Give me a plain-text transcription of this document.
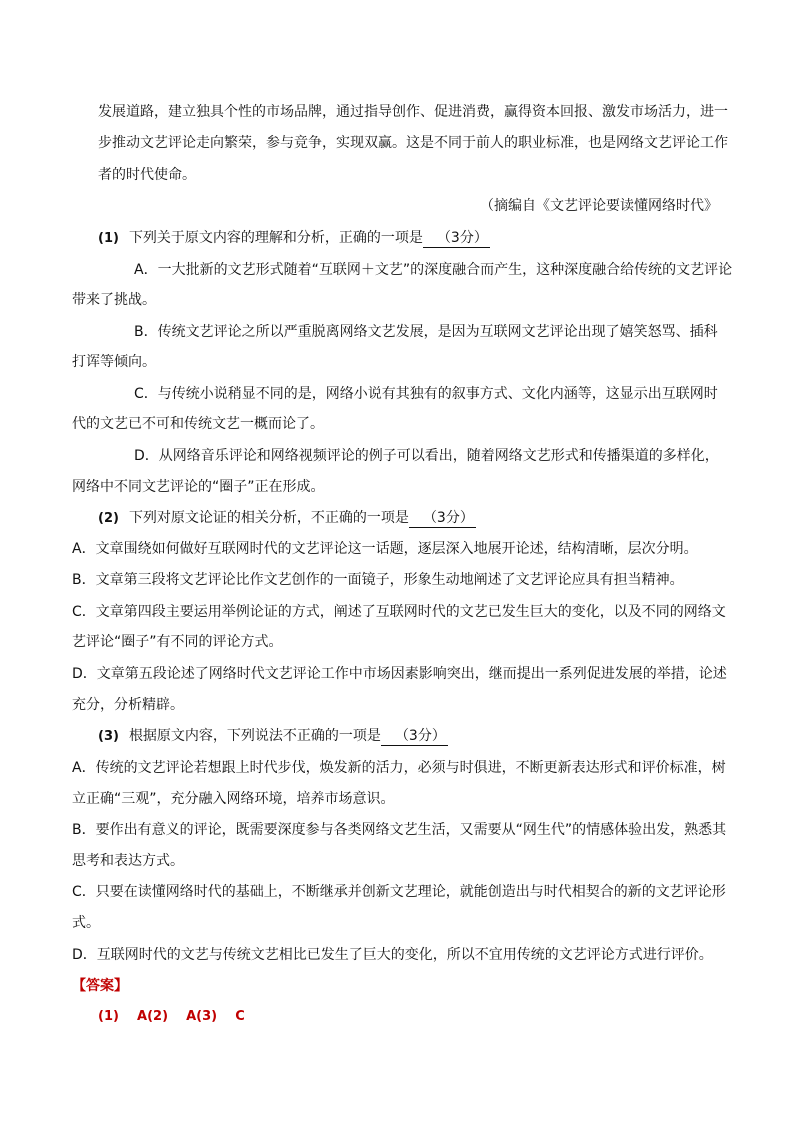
发展道路，建立独具个性的市场品牌，通过指导创作、促进消费，赢得资本回报、激发市场活力，进一
步推动文艺评论走向繁荣，参与竞争，实现双赢。这是不同于前人的职业标准，也是网络文艺评论工作
者的时代使命。
（摘编自《文艺评论要读懂网络时代》
(1) 下列关于原文内容的理解和分析，正确的一项是 （3分）
A．一大批新的文艺形式随着“互联网＋文艺”的深度融合而产生，这种深度融合给传统的文艺评论
带来了挑战。
B．传统文艺评论之所以严重脱离网络文艺发展，是因为互联网文艺评论出现了嬉笑怒骂、插科
打诨等倾向。
C．与传统小说稍显不同的是，网络小说有其独有的叙事方式、文化内涵等，这显示出互联网时
代的文艺已不可和传统文艺一概而论了。
D．从网络音乐评论和网络视频评论的例子可以看出，随着网络文艺形式和传播渠道的多样化，
网络中不同文艺评论的“圈子”正在形成。
(2) 下列对原文论证的相关分析，不正确的一项是 （3分）
A．文章围绕如何做好互联网时代的文艺评论这一话题，逐层深入地展开论述，结构清晰，层次分明。
B．文章第三段将文艺评论比作文艺创作的一面镜子，形象生动地阐述了文艺评论应具有担当精神。
C．文章第四段主要运用举例论证的方式，阐述了互联网时代的文艺已发生巨大的变化，以及不同的网络文
艺评论“圈子”有不同的评论方式。
D．文章第五段论述了网络时代文艺评论工作中市场因素影响突出，继而提出一系列促进发展的举措，论述
充分，分析精辟。
(3) 根据原文内容，下列说法不正确的一项是 （3分）
A．传统的文艺评论若想跟上时代步伐，焕发新的活力，必须与时俱进，不断更新表达形式和评价标准，树
立正确“三观”，充分融入网络环境，培养市场意识。
B．要作出有意义的评论，既需要深度参与各类网络文艺生活，又需要从“网生代”的情感体验出发，熟悉其
思考和表达方式。
C．只要在读懂网络时代的基础上，不断继承并创新文艺理论，就能创造出与时代相契合的新的文艺评论形
式。
D．互联网时代的文艺与传统文艺相比已发生了巨大的变化，所以不宜用传统的文艺评论方式进行评价。
【答案】
(1)    A(2)    A(3)    C
